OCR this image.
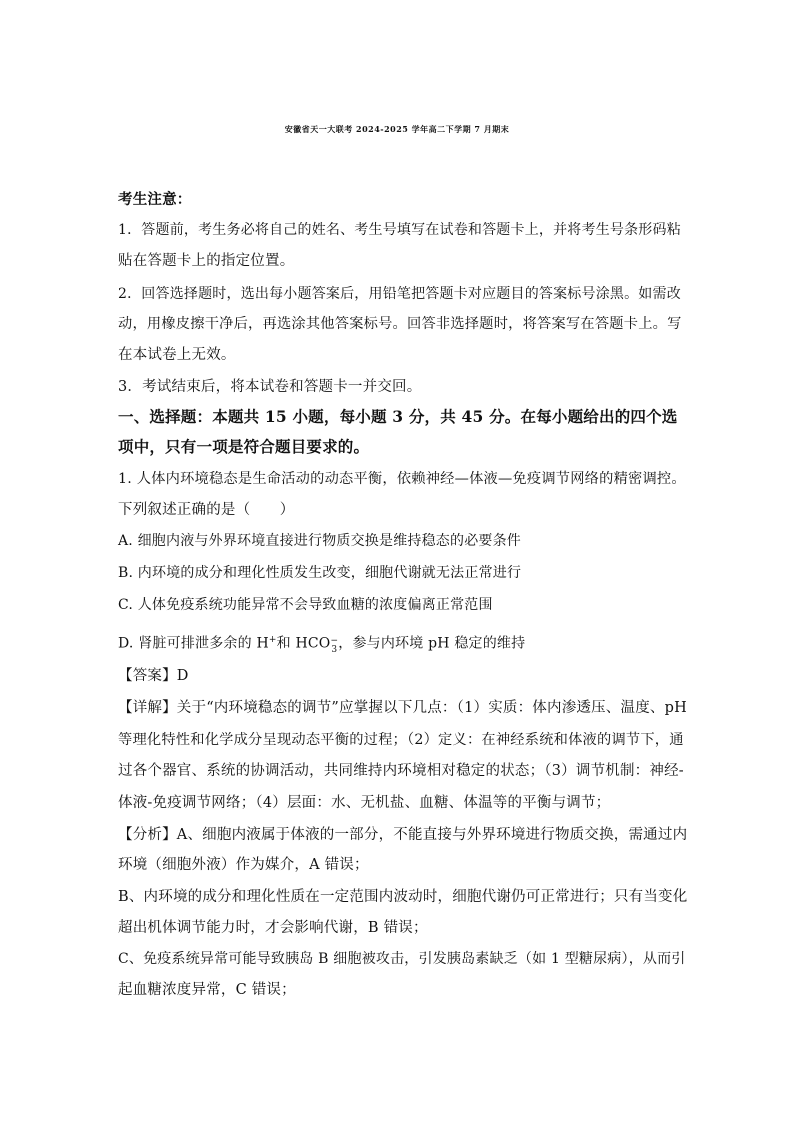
安徽省天一大联考 2024-2025 学年高二下学期 7 月期末
考生注意：
1．答题前，考生务必将自己的姓名、考生号填写在试卷和答题卡上，并将考生号条形码粘
贴在答题卡上的指定位置。
2．回答选择题时，选出每小题答案后，用铅笔把答题卡对应题目的答案标号涂黑。如需改
动，用橡皮擦干净后，再选涂其他答案标号。回答非选择题时，将答案写在答题卡上。写
在本试卷上无效。
3．考试结束后，将本试卷和答题卡一并交回。
一、选择题：本题共 15 小题，每小题 3 分，共 45 分。在每小题给出的四个选
项中，只有一项是符合题目要求的。
1. 人体内环境稳态是生命活动的动态平衡，依赖神经—体液—免疫调节网络的精密调控。
下列叙述正确的是（　　）
A. 细胞内液与外界环境直接进行物质交换是维持稳态的必要条件
B. 内环境的成分和理化性质发生改变，细胞代谢就无法正常进行
C. 人体免疫系统功能异常不会导致血糖的浓度偏离正常范围
D. 肾脏可排泄多余的 H+和 HCO −
3 ，参与内环境 pH 稳定的维持
【答案】D
【详解】关于“内环境稳态的调节”应掌握以下几点：（1）实质：体内渗透压、温度、pH
等理化特性和化学成分呈现动态平衡的过程；（2）定义：在神经系统和体液的调节下，通
过各个器官、系统的协调活动，共同维持内环境相对稳定的状态；（3）调节机制：神经-
体液-免疫调节网络；（4）层面：水、无机盐、血糖、体温等的平衡与调节；
【分析】A、细胞内液属于体液的一部分，不能直接与外界环境进行物质交换，需通过内
环境（细胞外液）作为媒介，A 错误；
B、内环境的成分和理化性质在一定范围内波动时，细胞代谢仍可正常进行；只有当变化
超出机体调节能力时，才会影响代谢，B 错误；
C、免疫系统异常可能导致胰岛 B 细胞被攻击，引发胰岛素缺乏（如 1 型糖尿病），从而引
起血糖浓度异常，C 错误；
